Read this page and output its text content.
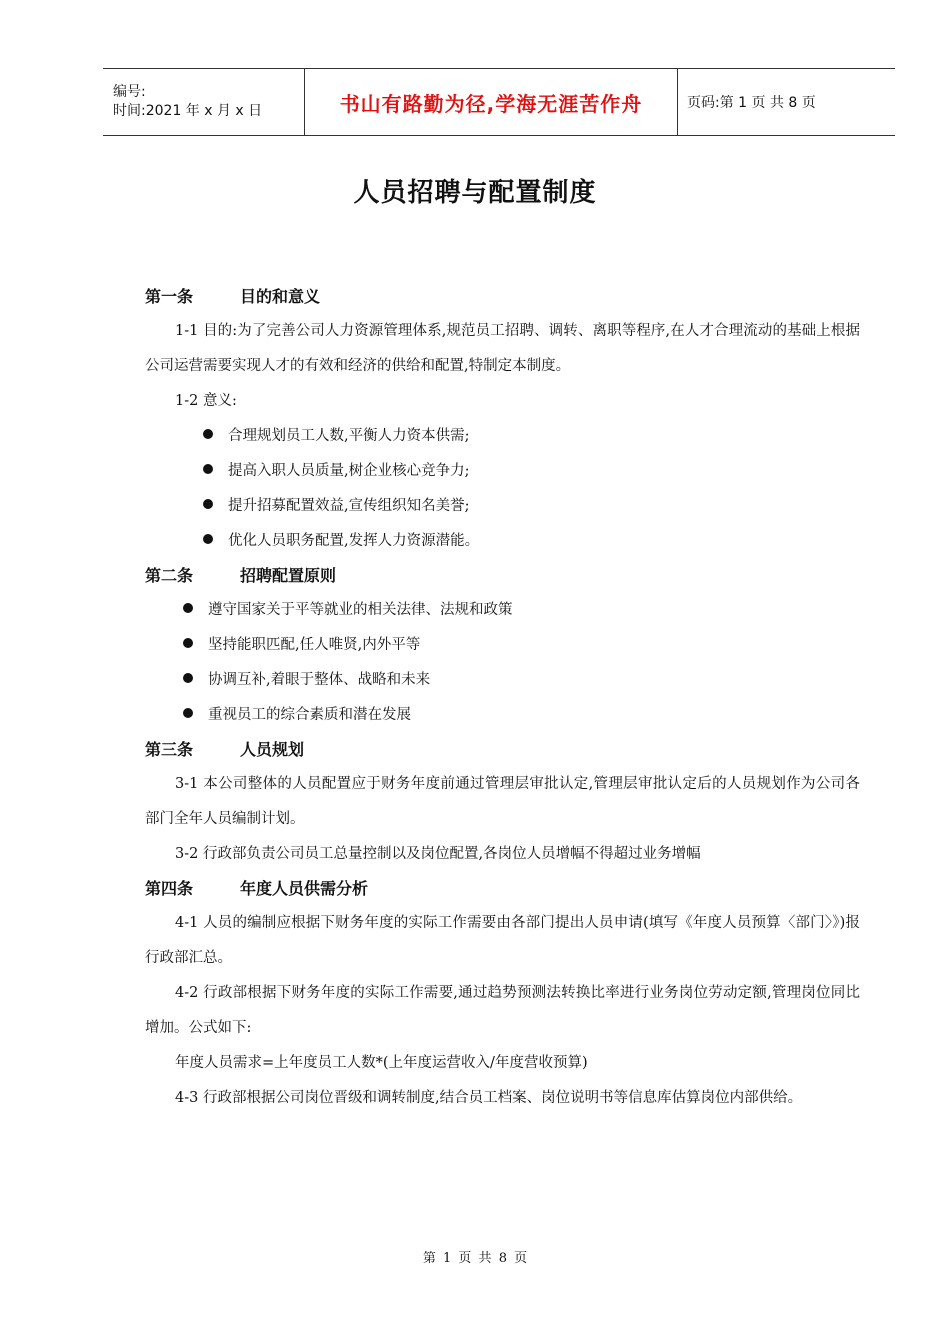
编号:
时间:2021 年 x 月 x 日	书山有路勤为径,学海无涯苦作舟	页码:第 1 页 共 8 页
人员招聘与配置制度
第一条	目的和意义

1-1 目的:为了完善公司人力资源管理体系,规范员工招聘、调转、离职等程序,在人才合理流动的基础上根据公司运营需要实现人才的有效和经济的供给和配置,特制定本制度。

1-2 意义:

合理规划员工人数,平衡人力资本供需;
提高入职人员质量,树企业核心竞争力;
提升招募配置效益,宣传组织知名美誉;
优化人员职务配置,发挥人力资源潜能。
第二条	招聘配置原则
遵守国家关于平等就业的相关法律、法规和政策
坚持能职匹配,任人唯贤,内外平等
协调互补,着眼于整体、战略和未来
重视员工的综合素质和潜在发展
第三条	人员规划

3-1 本公司整体的人员配置应于财务年度前通过管理层审批认定,管理层审批认定后的人员规划作为公司各部门全年人员编制计划。

3-2 行政部负责公司员工总量控制以及岗位配置,各岗位人员增幅不得超过业务增幅

第四条	年度人员供需分析

4-1 人员的编制应根据下财务年度的实际工作需要由各部门提出人员申请(填写《年度人员预算〈部门〉》)报行政部汇总。

4-2 行政部根据下财务年度的实际工作需要,通过趋势预测法转换比率进行业务岗位劳动定额,管理岗位同比增加。公式如下:

年度人员需求=上年度员工人数*(上年度运营收入/年度营收预算)

4-3 行政部根据公司岗位晋级和调转制度,结合员工档案、岗位说明书等信息库估算岗位内部供给。

第 1 页 共 8 页
